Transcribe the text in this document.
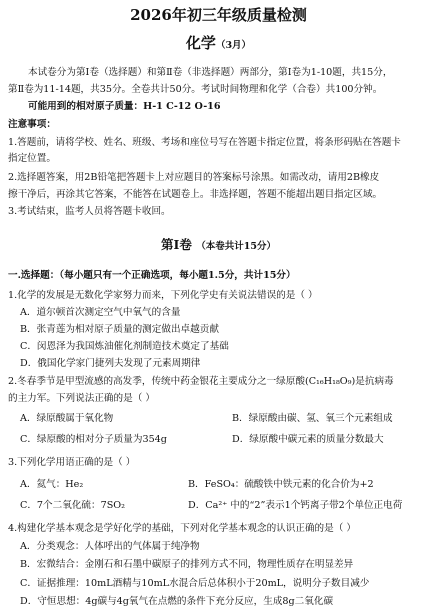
2026年初三年级质量检测
化学（3月）
本试卷分为第Ⅰ卷（选择题）和第Ⅱ卷（非选择题）两部分，第Ⅰ卷为1-10题，共15分，
第Ⅱ卷为11-14题，共35分。全卷共计50分。考试时间物理和化学（合卷）共100分钟。
可能用到的相对原子质量：H-1 C-12 O-16
注意事项：
1.答题前，请将学校、姓名、班级、考场和座位号写在答题卡指定位置，将条形码贴在答题卡
指定位置。
2.选择题答案，用2B铅笔把答题卡上对应题目的答案标号涂黑。如需改动，请用2B橡皮
擦干净后，再涂其它答案，不能答在试题卷上。非选择题，答题不能超出题目指定区域。
3.考试结束，监考人员将答题卡收回。
第Ⅰ卷 （本卷共计15分）
一.选择题：（每小题只有一个正确选项，每小题1.5分，共计15分）
1.化学的发展是无数化学家努力而来，下列化学史有关说法错误的是（ ）
A．道尔顿首次测定空气中氧气的含量
B．张青莲为相对原子质量的测定做出卓越贡献
C．闵恩泽为我国炼油催化剂制造技术奠定了基础
D．俄国化学家门捷列夫发现了元素周期律
2.冬春季节是甲型流感的高发季，传统中药金银花主要成分之一绿原酸(C₁₆H₁₈O₉)是抗病毒
的主力军。下列说法正确的是（ ）
A．绿原酸属于氧化物	B．绿原酸由碳、氢、氧三个元素组成
C．绿原酸的相对分子质量为354g	D．绿原酸中碳元素的质量分数最大
3.下列化学用语正确的是（ ）
A．氦气：He₂	B．FeSO₄：硫酸铁中铁元素的化合价为+2
C．7个二氧化硫：7SO₂	D．Ca²⁺ 中的“2”表示1个钙离子带2个单位正电荷
4.构建化学基本观念是学好化学的基础，下列对化学基本观念的认识正确的是（ ）
A．分类观念：人体呼出的气体属于纯净物
B．宏微结合：金刚石和石墨中碳原子的排列方式不同，物理性质存在明显差异
C．证据推理：10mL酒精与10mL水混合后总体积小于20mL，说明分子数目减少
D．守恒思想：4g碳与4g氧气在点燃的条件下充分反应，生成8g二氧化碳
